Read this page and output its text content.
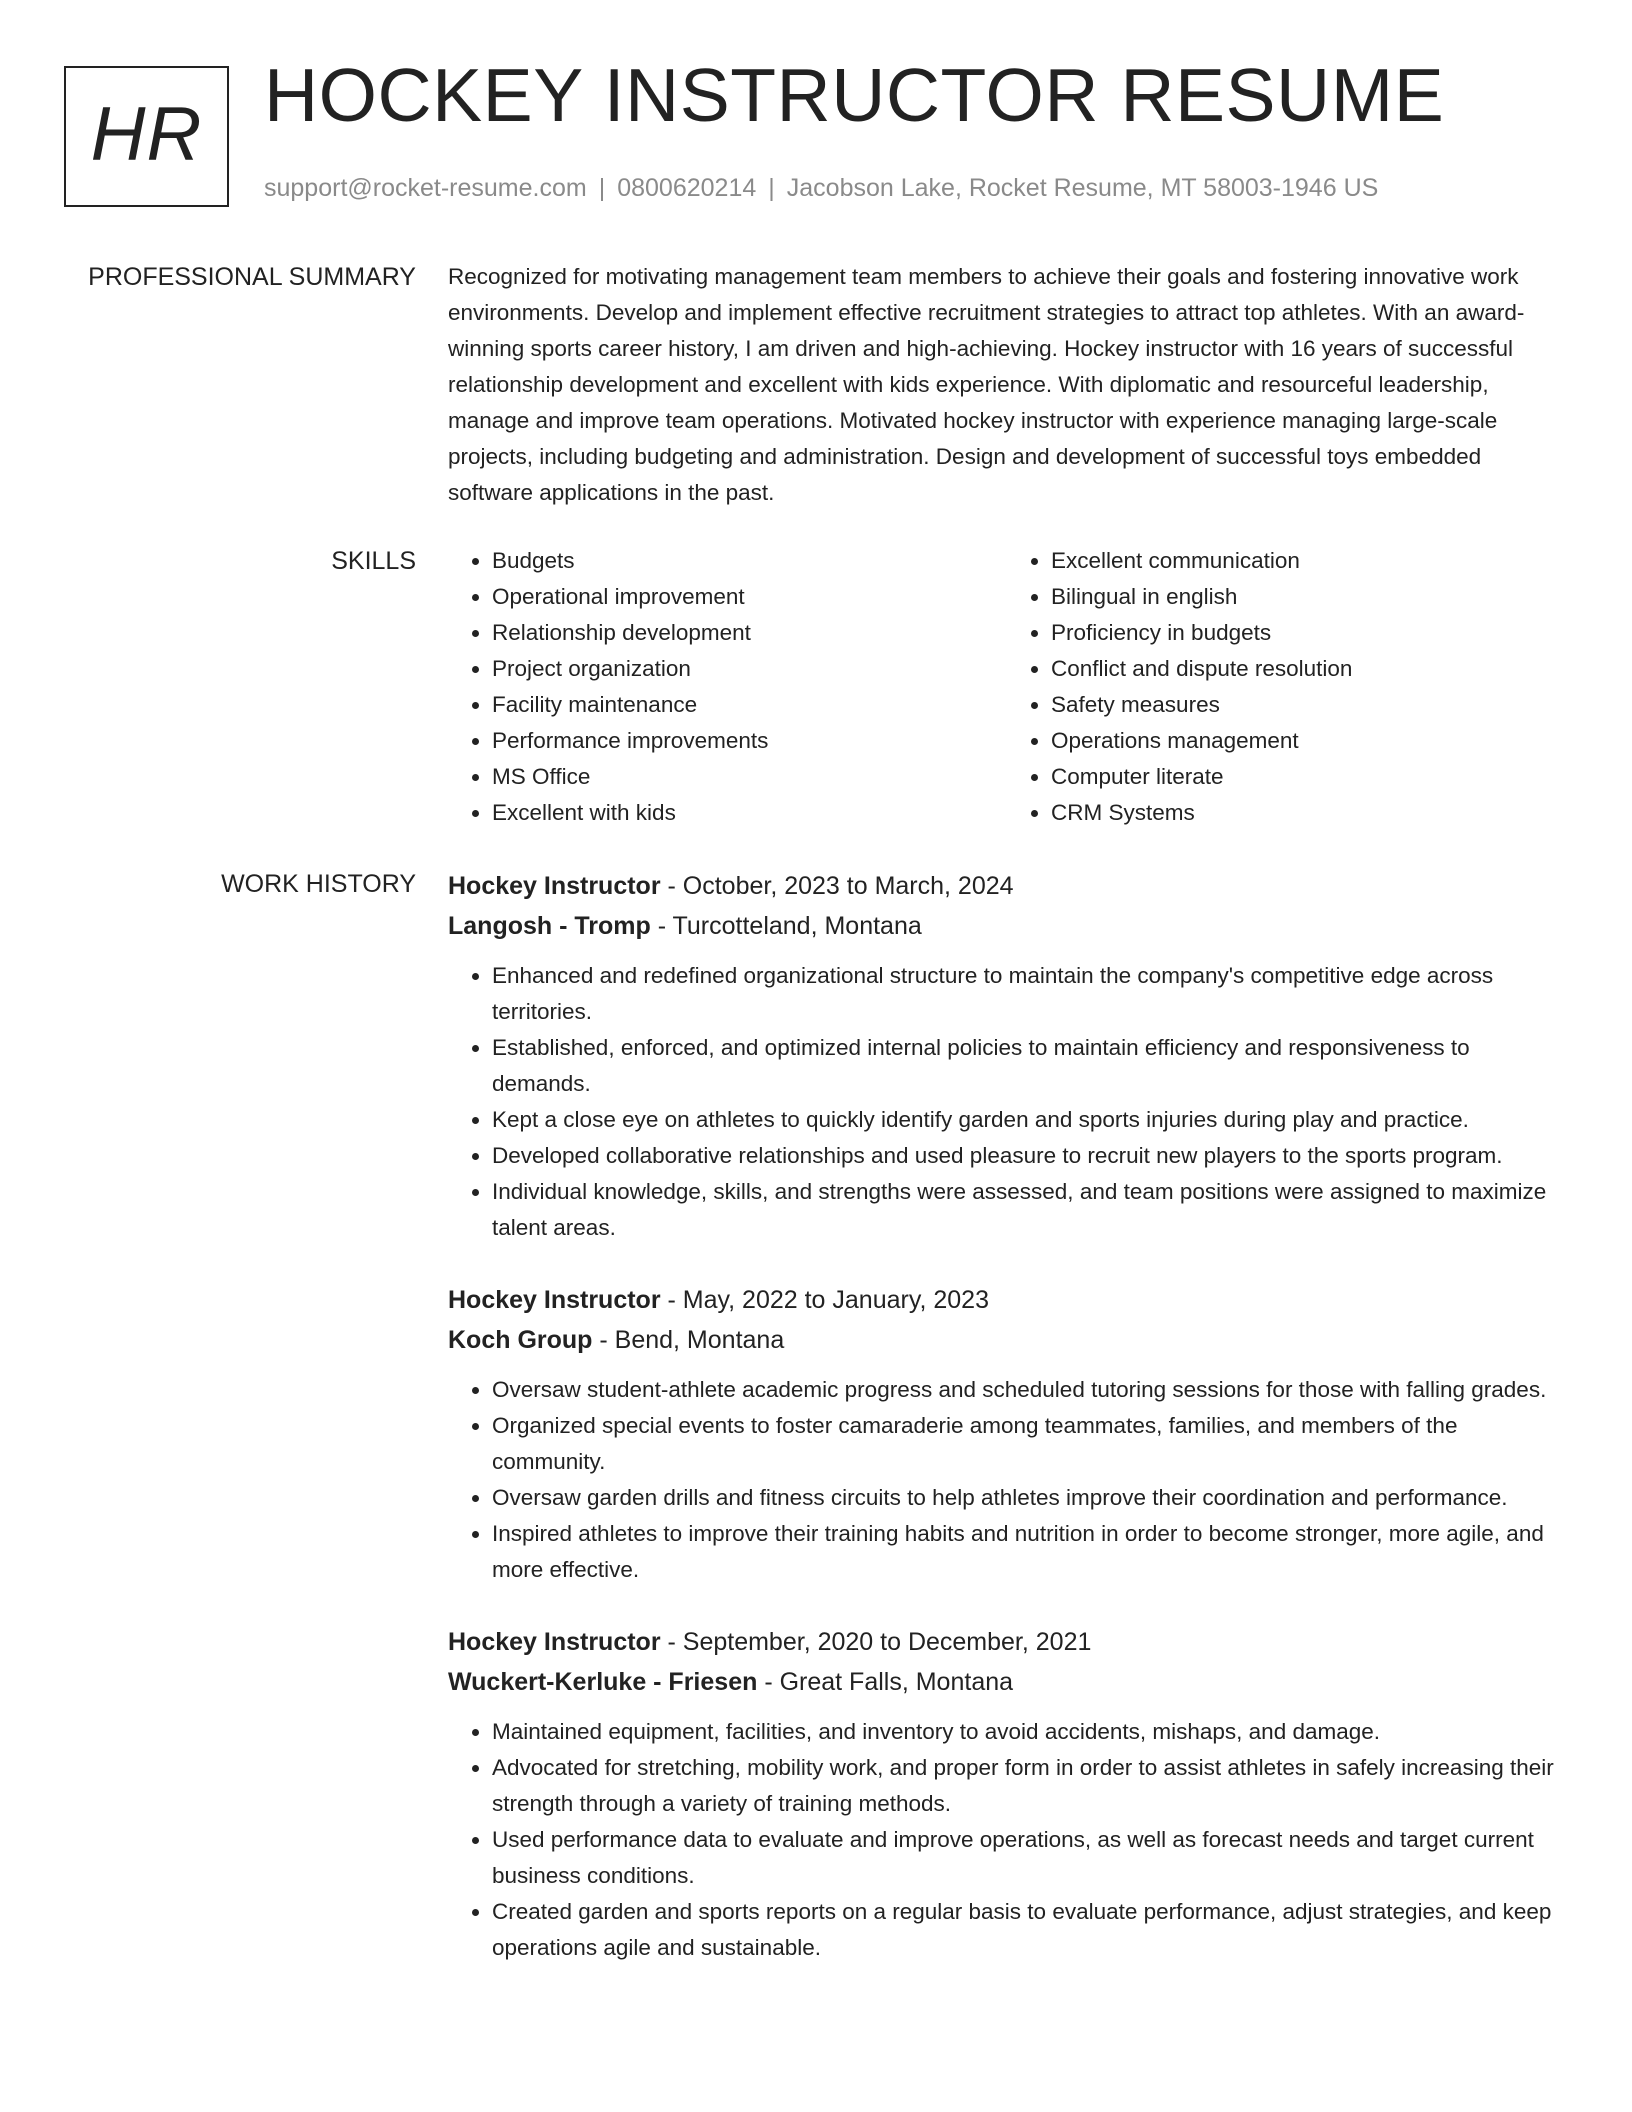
HR HOCKEY INSTRUCTOR RESUME
support@rocket-resume.com | 0800620214 | Jacobson Lake, Rocket Resume, MT 58003-1946 US
PROFESSIONAL SUMMARY Recognized for motivating management team members to achieve their goals and fostering innovative work environments. Develop and implement effective recruitment strategies to attract top athletes. With an award-winning sports career history, I am driven and high-achieving. Hockey instructor with 16 years of successful relationship development and excellent with kids experience. With diplomatic and resourceful leadership, manage and improve team operations. Motivated hockey instructor with experience managing large-scale projects, including budgeting and administration. Design and development of successful toys embedded software applications in the past.

SKILLS
•	Budgets
• Operational improvement
• Relationship development
• Project organization
• Facility maintenance
• Performance improvements
• MS Office
• Excellent with kids
• Excellent communication
• Bilingual in english
• Proficiency in budgets
• Conflict and dispute resolution
• Safety measures
• Operations management
• Computer literate
• CRM Systems
WORK HISTORY Hockey Instructor - October, 2023 to March, 2024
Langosh - Tromp - Turcotteland, Montana
• Enhanced and redefined organizational structure to maintain the company's competitive edge across territories.
• Established, enforced, and optimized internal policies to maintain efficiency and responsiveness to demands.
• Kept a close eye on athletes to quickly identify garden and sports injuries during play and practice.
• Developed collaborative relationships and used pleasure to recruit new players to the sports program.
• Individual knowledge, skills, and strengths were assessed, and team positions were assigned to maximize talent areas.
Hockey Instructor - May, 2022 to January, 2023
Koch Group - Bend, Montana
• Oversaw student-athlete academic progress and scheduled tutoring sessions for those with falling grades.
• Organized special events to foster camaraderie among teammates, families, and members of the community.
• Oversaw garden drills and fitness circuits to help athletes improve their coordination and performance.
• Inspired athletes to improve their training habits and nutrition in order to become stronger, more agile, and more effective.
Hockey Instructor - September, 2020 to December, 2021
Wuckert-Kerluke - Friesen - Great Falls, Montana
• Maintained equipment, facilities, and inventory to avoid accidents, mishaps, and damage.
• Advocated for stretching, mobility work, and proper form in order to assist athletes in safely increasing their strength through a variety of training methods.
• Used performance data to evaluate and improve operations, as well as forecast needs and target current business conditions.
• Created garden and sports reports on a regular basis to evaluate performance, adjust strategies, and keep operations agile and sustainable.
